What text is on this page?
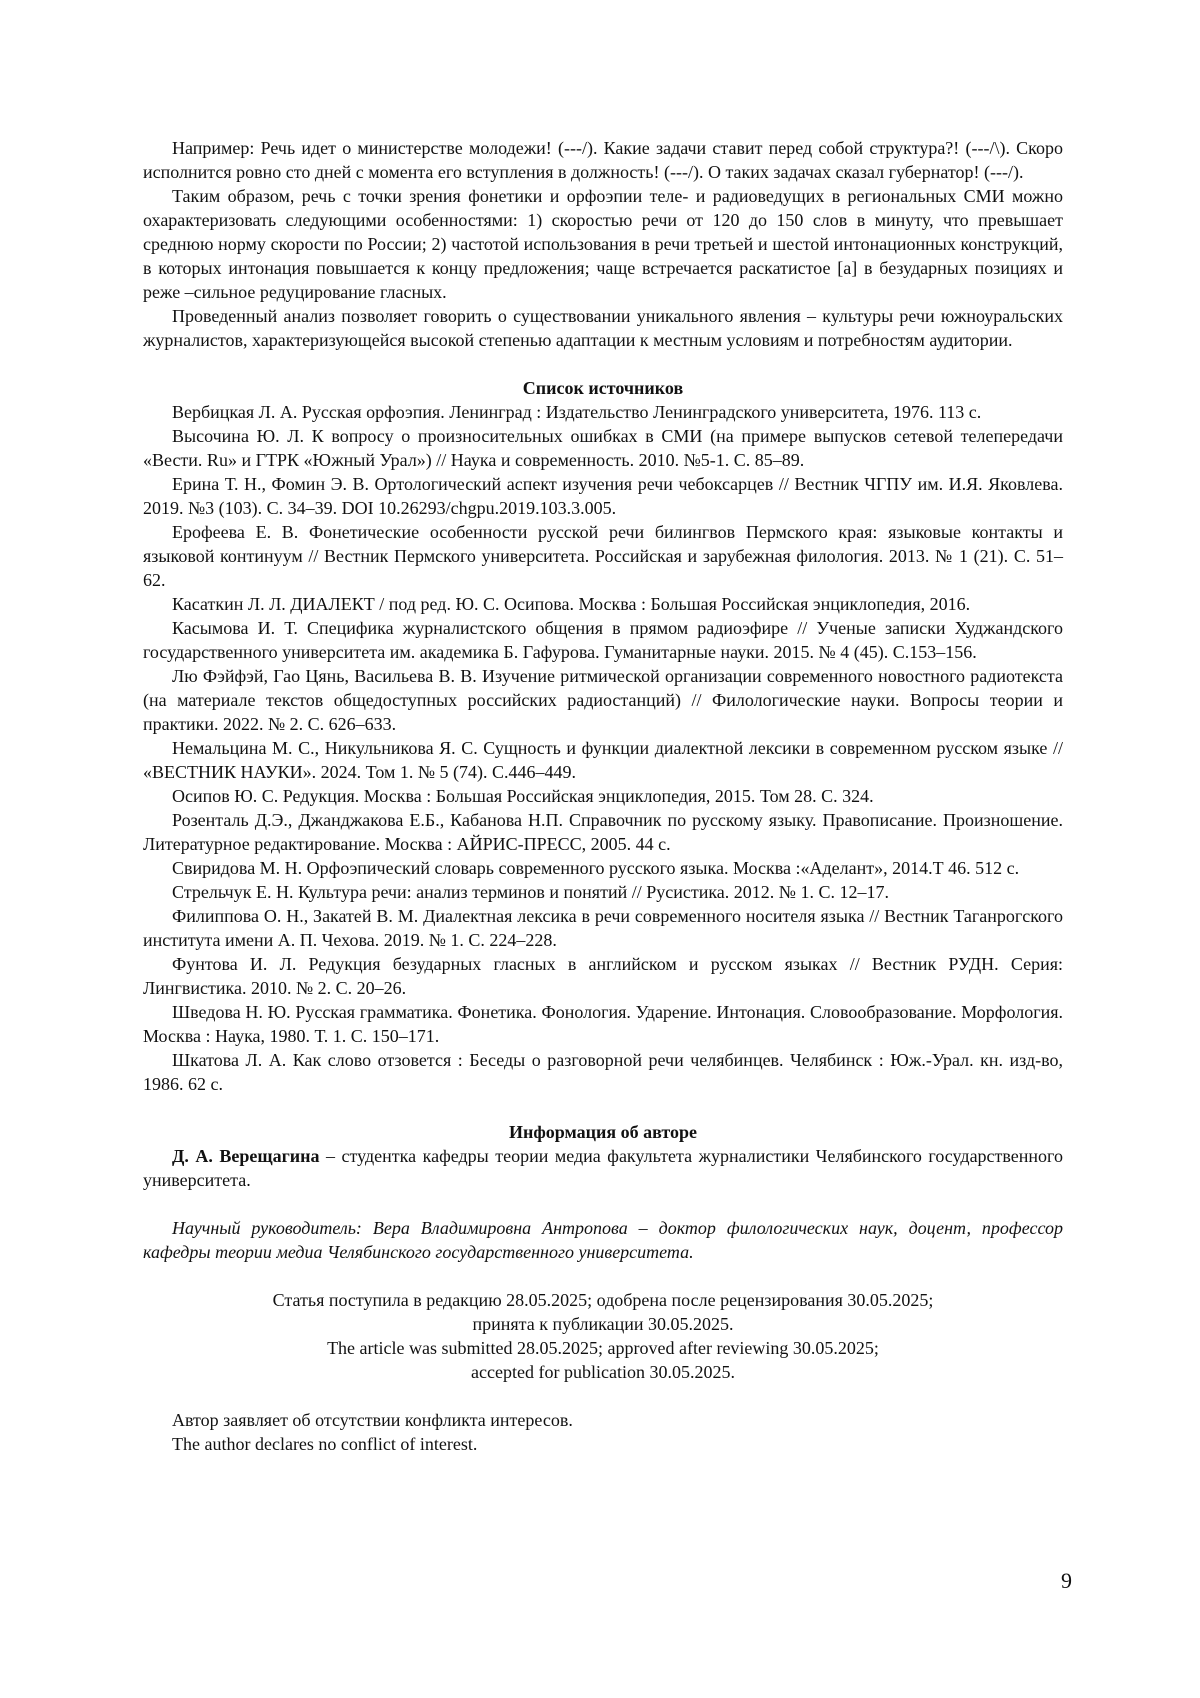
Например: Речь идет о министерстве молодежи! (---/). Какие задачи ставит перед собой структура?! (---/\). Скоро исполнится ровно сто дней с момента его вступления в должность! (---/). О таких задачах сказал губернатор! (---/).

Таким образом, речь с точки зрения фонетики и орфоэпии теле- и радиоведущих в региональных СМИ можно охарактеризовать следующими особенностями: 1) скоростью речи от 120 до 150 слов в минуту, что превышает среднюю норму скорости по России; 2) частотой использования в речи третьей и шестой интонационных конструкций, в которых интонация повышается к концу предложения; чаще встречается раскатистое [а] в безударных позициях и реже –сильное редуцирование гласных.

Проведенный анализ позволяет говорить о существовании уникального явления – культуры речи южноуральских журналистов, характеризующейся высокой степенью адаптации к местным условиям и потребностям аудитории.

Список источников

Вербицкая Л. А. Русская орфоэпия. Ленинград : Издательство Ленинградского университета, 1976. 113 с.

Высочина Ю. Л. К вопросу о произносительных ошибках в СМИ (на примере выпусков сетевой телепередачи «Вести. Ru» и ГТРК «Южный Урал») // Наука и современность. 2010. №5-1. С. 85–89.

Ерина Т. Н., Фомин Э. В. Ортологический аспект изучения речи чебоксарцев // Вестник ЧГПУ им. И.Я. Яковлева. 2019. №3 (103). С. 34–39. DOI 10.26293/chgpu.2019.103.3.005.

Ерофеева Е. В. Фонетические особенности русской речи билингвов Пермского края: языковые контакты и языковой континуум // Вестник Пермского университета. Российская и зарубежная филология. 2013. № 1 (21). С. 51–62.

Касаткин Л. Л. ДИАЛЕКТ / под ред. Ю. С. Осипова. Москва : Большая Российская энциклопедия, 2016.

Касымова И. Т. Специфика журналистского общения в прямом радиоэфире // Ученые записки Худжандского государственного университета им. академика Б. Гафурова. Гуманитарные науки. 2015. № 4 (45). С.153–156.

Лю Фэйфэй, Гао Цянь, Васильева В. В. Изучение ритмической организации современного новостного радиотекста (на материале текстов общедоступных российских радиостанций) // Филологические науки. Вопросы теории и практики. 2022. № 2. С. 626–633.

Немальцина М. С., Никульникова Я. С. Сущность и функции диалектной лексики в современном русском языке // «ВЕСТНИК НАУКИ». 2024. Том 1. № 5 (74). С.446–449.

Осипов Ю. С. Редукция. Москва : Большая Российская энциклопедия, 2015. Том 28. С. 324.

Розенталь Д.Э., Джанджакова Е.Б., Кабанова Н.П. Справочник по русскому языку. Правописание. Произношение. Литературное редактирование. Москва : АЙРИС-ПРЕСС, 2005. 44 с.

Свиридова М. Н. Орфоэпический словарь современного русского языка. Москва :«Аделант», 2014.Т 46. 512 с.

Стрельчук Е. Н. Культура речи: анализ терминов и понятий // Русистика. 2012. № 1. С. 12–17.

Филиппова О. Н., Закатей В. М. Диалектная лексика в речи современного носителя языка // Вестник Таганрогского института имени А. П. Чехова. 2019. № 1. С. 224–228.

Фунтова И. Л. Редукция безударных гласных в английском и русском языках // Вестник РУДН. Серия: Лингвистика. 2010. № 2. С. 20–26.

Шведова Н. Ю. Русская грамматика. Фонетика. Фонология. Ударение. Интонация. Словообразование. Морфология. Москва : Наука, 1980. Т. 1. С. 150–171.

Шкатова Л. А. Как слово отзовется : Беседы о разговорной речи челябинцев. Челябинск : Юж.-Урал. кн. изд-во, 1986. 62 с.

Информация об авторе

Д. А. Верещагина – студентка кафедры теории медиа факультета журналистики Челябинского государственного университета.

Научный руководитель: Вера Владимировна Антропова – доктор филологических наук, доцент, профессор кафедры теории медиа Челябинского государственного университета.

Статья поступила в редакцию 28.05.2025; одобрена после рецензирования 30.05.2025;
принята к публикации 30.05.2025.
The article was submitted 28.05.2025; approved after reviewing 30.05.2025;
accepted for publication 30.05.2025.

Автор заявляет об отсутствии конфликта интересов.

The author declares no conflict of interest.

9
